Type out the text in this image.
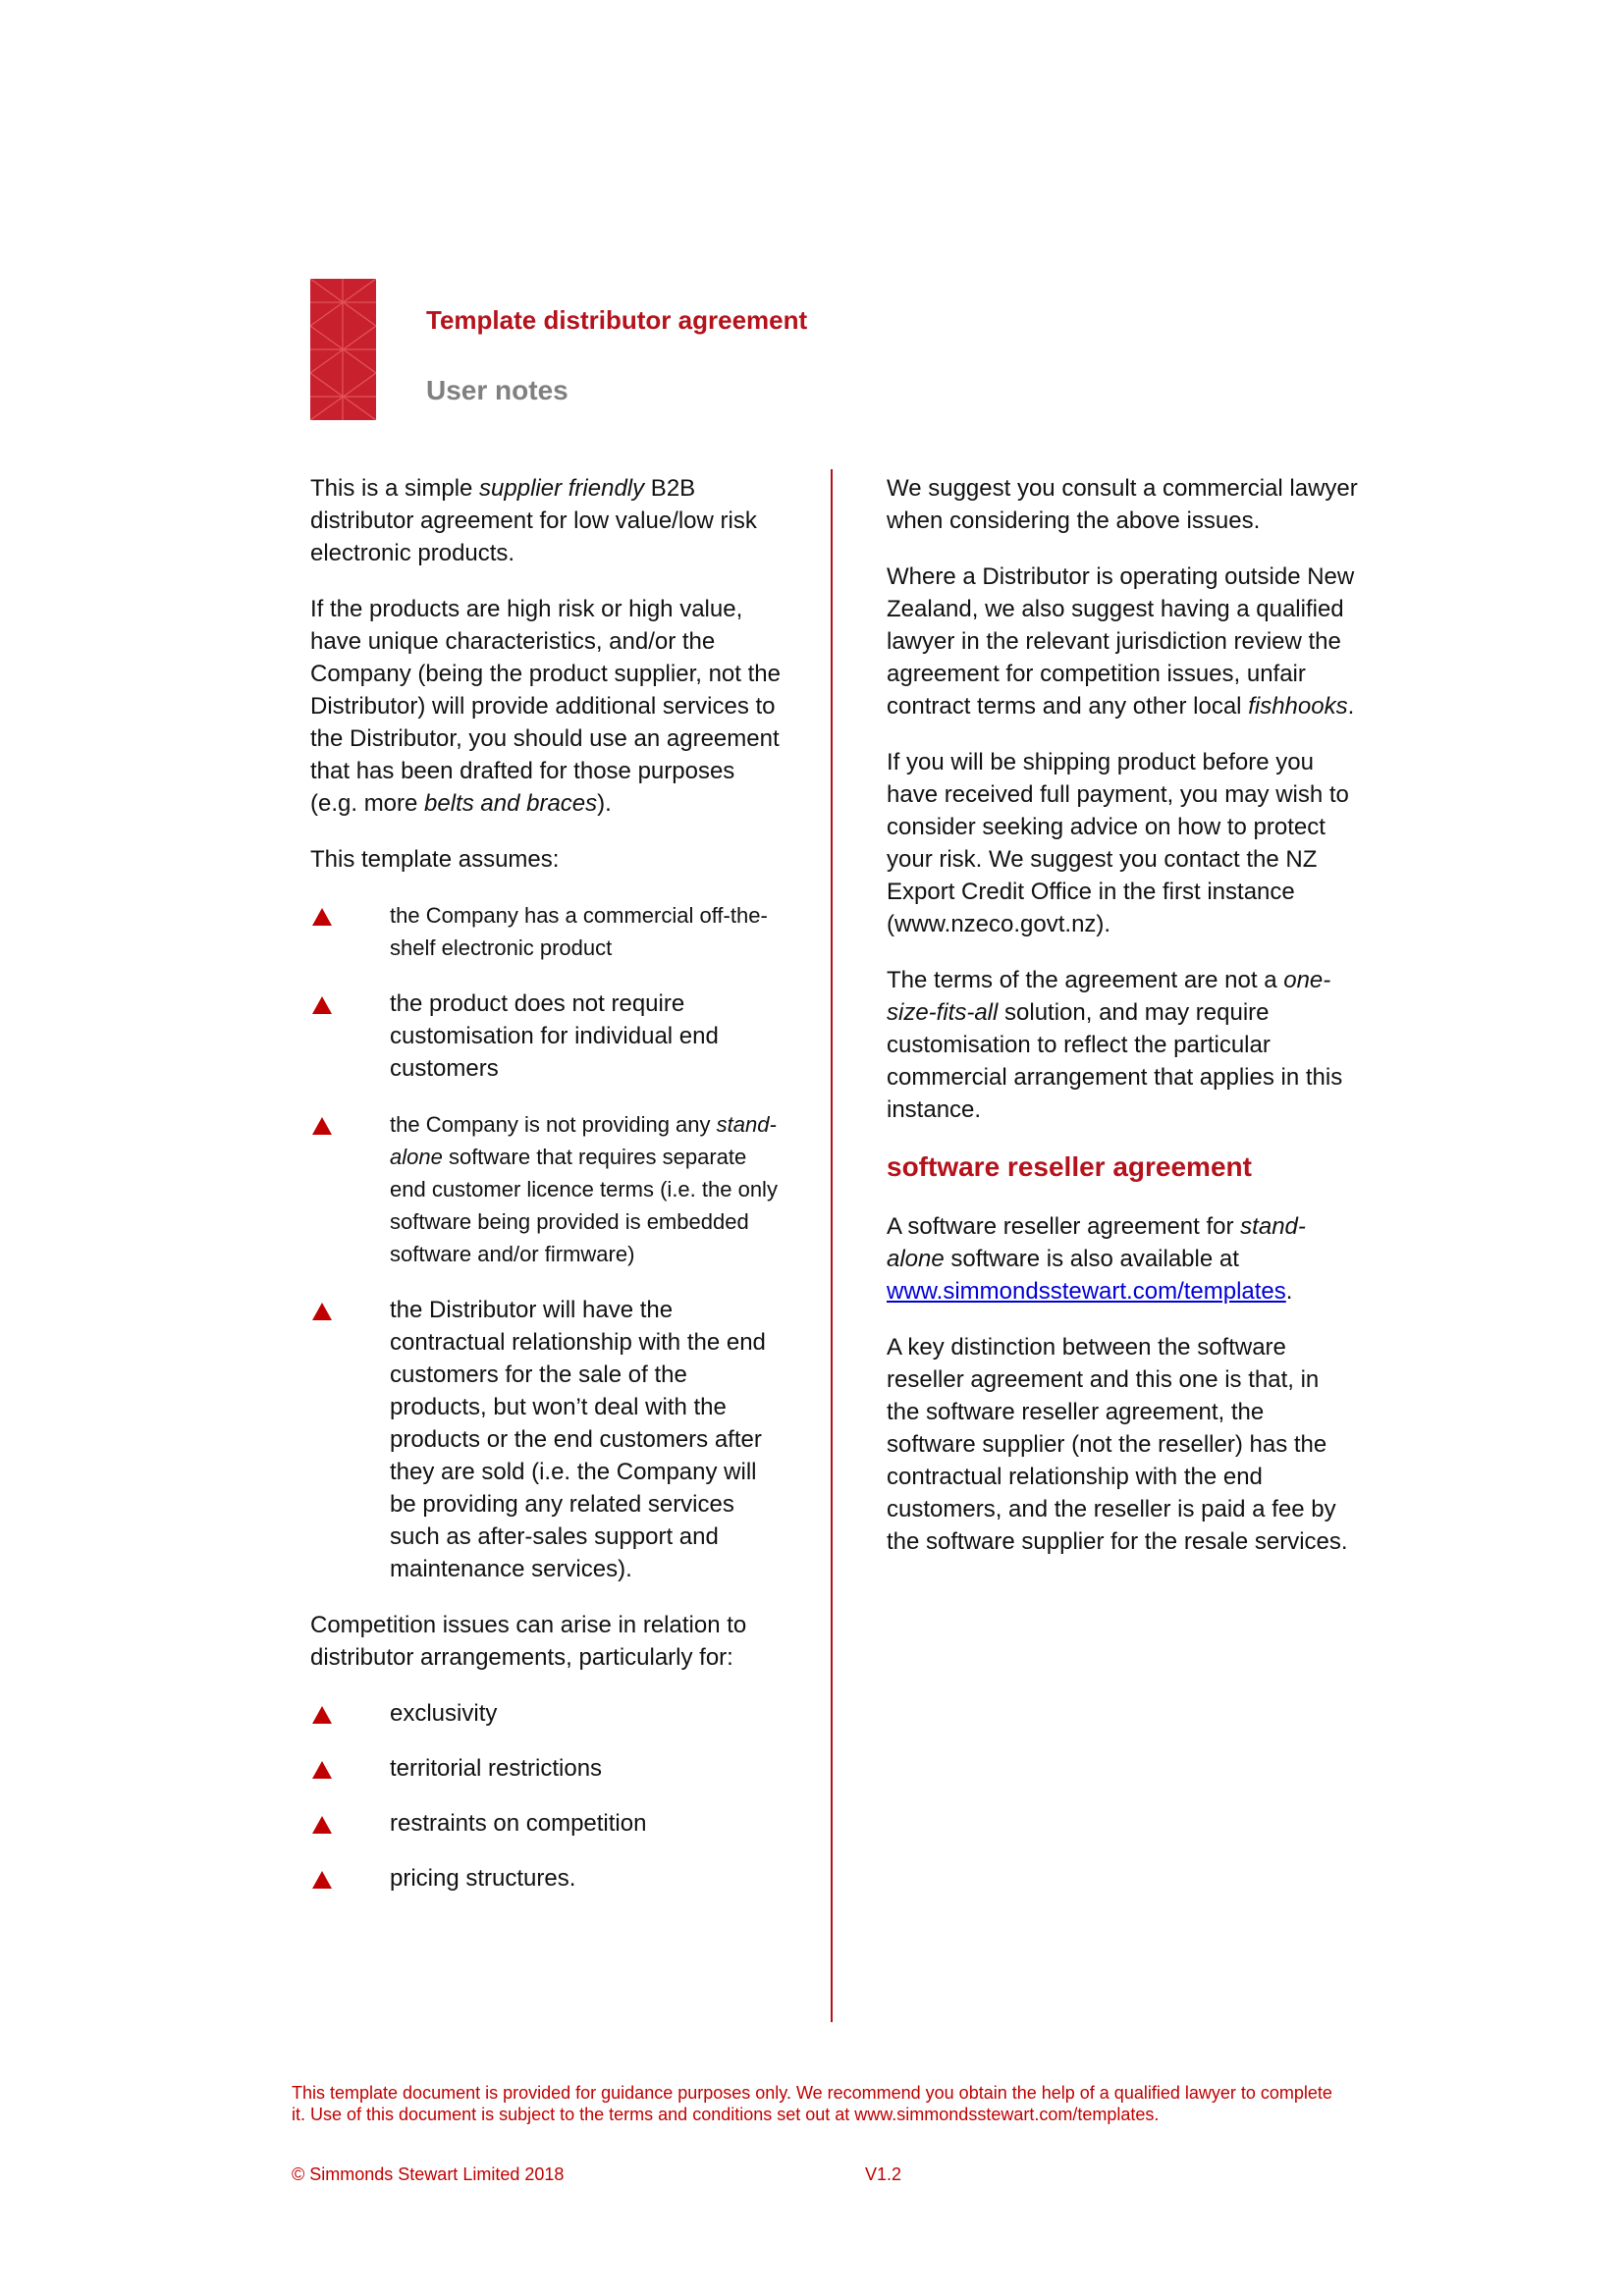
Template distributor agreement
User notes

This is a simple supplier friendly B2B distributor agreement for low value/low risk electronic products.

If the products are high risk or high value, have unique characteristics, and/or the Company (being the product supplier, not the Distributor) will provide additional services to the Distributor, you should use an agreement that has been drafted for those purposes (e.g. more belts and braces).

This template assumes:

the Company has a commercial off-the-shelf electronic product
the product does not require customisation for individual end customers
the Company is not providing any stand-alone software that requires separate end customer licence terms (i.e. the only software being provided is embedded software and/or firmware)
the Distributor will have the contractual relationship with the end customers for the sale of the products, but won’t deal with the products or the end customers after they are sold (i.e. the Company will be providing any related services such as after-sales support and maintenance services).

Competition issues can arise in relation to distributor arrangements, particularly for:

exclusivity
territorial restrictions
restraints on competition
pricing structures.

We suggest you consult a commercial lawyer when considering the above issues.

Where a Distributor is operating outside New Zealand, we also suggest having a qualified lawyer in the relevant jurisdiction review the agreement for competition issues, unfair contract terms and any other local fishhooks.

If you will be shipping product before you have received full payment, you may wish to consider seeking advice on how to protect your risk. We suggest you contact the NZ Export Credit Office in the first instance (www.nzeco.govt.nz).

The terms of the agreement are not a one-size-fits-all solution, and may require customisation to reflect the particular commercial arrangement that applies in this instance.

software reseller agreement

A software reseller agreement for stand-alone software is also available at www.simmondsstewart.com/templates.

A key distinction between the software reseller agreement and this one is that, in the software reseller agreement, the software supplier (not the reseller) has the contractual relationship with the end customers, and the reseller is paid a fee by the software supplier for the resale services.

This template document is provided for guidance purposes only. We recommend you obtain the help of a qualified lawyer to complete it. Use of this document is subject to the terms and conditions set out at www.simmondsstewart.com/templates.
© Simmonds Stewart Limited 2018	V1.2
